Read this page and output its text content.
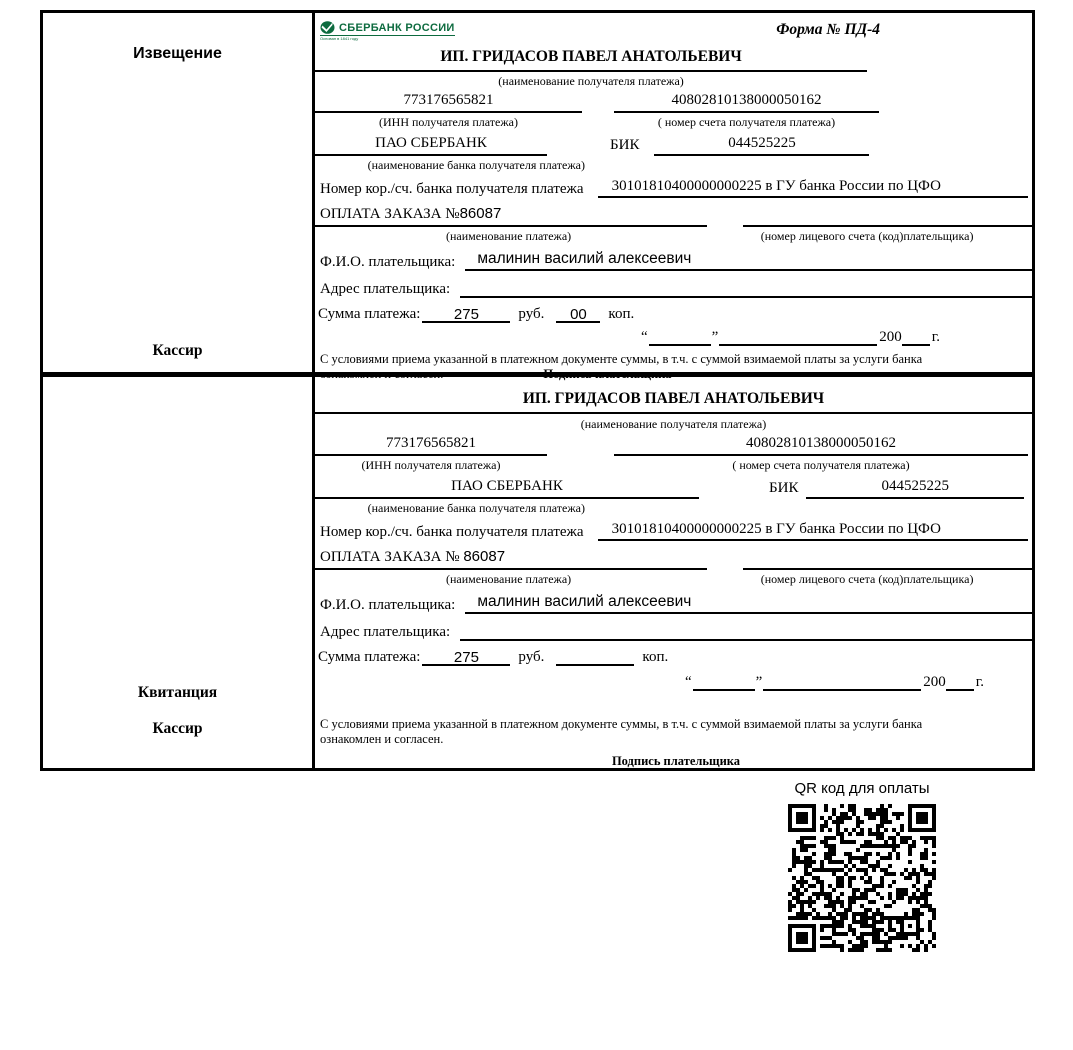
Извещение
Кассир
СБЕРБАНК РОССИИ
Основан в 1841 году
Форма № ПД-4
ИП. ГРИДАСОВ ПАВЕЛ АНАТОЛЬЕВИЧ
(наименование получателя платежа)
773176565821
(ИНН получателя платежа)
40802810138000050162
( номер счета получателя платежа)
ПАО СБЕРБАНК	БИК	044525225
(наименование банка получателя платежа)
Номер кор./сч. банка получателя платежа	30101810400000000225 в ГУ банка России по ЦФО
ОПЛАТА ЗАКАЗА №86087
(наименование платежа)	(номер лицевого счета (код)плательщика)
Ф.И.О. плательщика:	малинин василий алексеевич
Адрес плательщика:
Сумма платежа:	275	руб.	00	коп.
“	”	200 г.
С условиями приема указанной в платежном документе суммы, в т.ч. с суммой взимаемой платы за услуги банка
ознакомлен и согласен.	Подпись плательщика
Квитанция
Кассир
ИП. ГРИДАСОВ ПАВЕЛ АНАТОЛЬЕВИЧ
(наименование получателя платежа)
773176565821
(ИНН получателя платежа)
40802810138000050162
( номер счета получателя платежа)
ПАО СБЕРБАНК	БИК	044525225
(наименование банка получателя платежа)
Номер кор./сч. банка получателя платежа	30101810400000000225 в ГУ банка России по ЦФО
ОПЛАТА ЗАКАЗА № 86087
(наименование платежа)	(номер лицевого счета (код)плательщика)
Ф.И.О. плательщика:	малинин василий алексеевич
Адрес плательщика:
Сумма платежа:	275	руб.	коп.
“	”	200 г.
С условиями приема указанной в платежном документе суммы, в т.ч. с суммой взимаемой платы за услуги банка
ознакомлен и согласен.
Подпись плательщика
QR код для оплаты
